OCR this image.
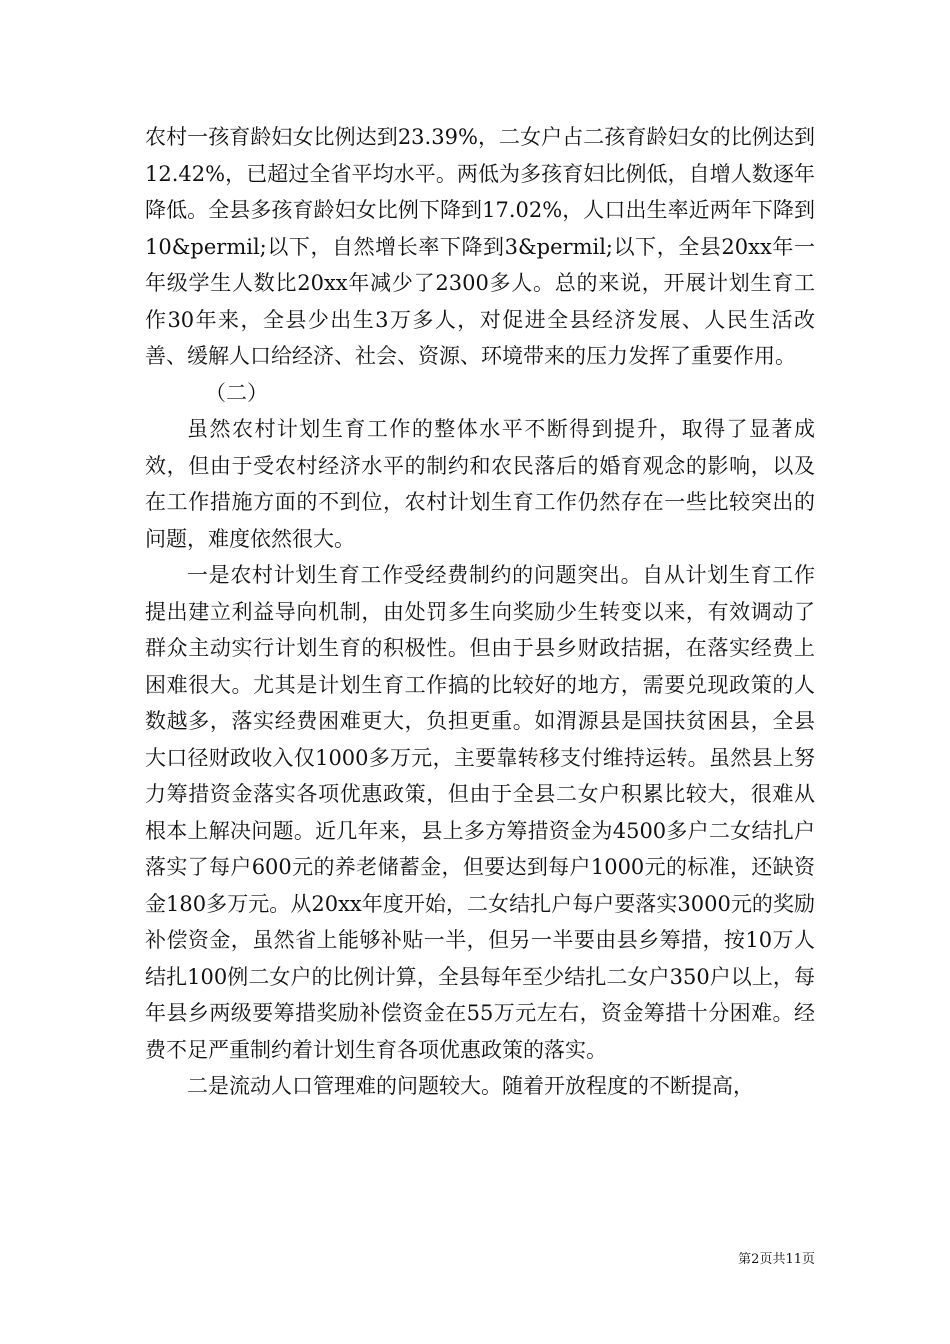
农村一孩育龄妇女比例达到23.39%，二女户占二孩育龄妇女的比例达到12.42%，已超过全省平均水平。两低为多孩育妇比例低，自增人数逐年降低。全县多孩育龄妇女比例下降到17.02%，人口出生率近两年下降到10&permil;以下，自然增长率下降到3&permil;以下，全县20xx年一年级学生人数比20xx年减少了2300多人。总的来说，开展计划生育工作30年来，全县少出生3万多人，对促进全县经济发展、人民生活改善、缓解人口给经济、社会、资源、环境带来的压力发挥了重要作用。

（二）

虽然农村计划生育工作的整体水平不断得到提升，取得了显著成效，但由于受农村经济水平的制约和农民落后的婚育观念的影响，以及在工作措施方面的不到位，农村计划生育工作仍然存在一些比较突出的问题，难度依然很大。

一是农村计划生育工作受经费制约的问题突出。自从计划生育工作提出建立利益导向机制，由处罚多生向奖励少生转变以来，有效调动了群众主动实行计划生育的积极性。但由于县乡财政拮据，在落实经费上困难很大。尤其是计划生育工作搞的比较好的地方，需要兑现政策的人数越多，落实经费困难更大，负担更重。如渭源县是国扶贫困县，全县大口径财政收入仅1000多万元，主要靠转移支付维持运转。虽然县上努力筹措资金落实各项优惠政策，但由于全县二女户积累比较大，很难从根本上解决问题。近几年来，县上多方筹措资金为4500多户二女结扎户落实了每户600元的养老储蓄金，但要达到每户1000元的标准，还缺资金180多万元。从20xx年度开始，二女结扎户每户要落实3000元的奖励补偿资金，虽然省上能够补贴一半，但另一半要由县乡筹措，按10万人结扎100例二女户的比例计算，全县每年至少结扎二女户350户以上，每年县乡两级要筹措奖励补偿资金在55万元左右，资金筹措十分困难。经费不足严重制约着计划生育各项优惠政策的落实。

二是流动人口管理难的问题较大。随着开放程度的不断提高，

第2页共11页
